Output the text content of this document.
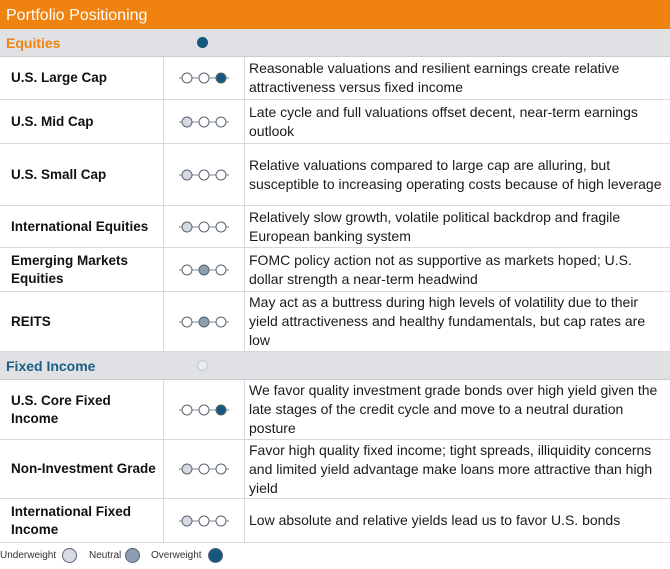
Portfolio Positioning
Equities
U.S. Large Cap
Reasonable valuations and resilient earnings create relative attractiveness versus fixed income
U.S. Mid Cap
Late cycle and full valuations offset decent, near-term earnings outlook
U.S. Small Cap
Relative valuations compared to large cap are alluring, but susceptible to increasing operating costs because of high leverage
International Equities
Relatively slow growth, volatile political backdrop and fragile European banking system
Emerging Markets Equities
FOMC policy action not as supportive as markets hoped; U.S. dollar strength a near-term headwind
REITS
May act as a buttress during high levels of volatility due to their yield attractiveness and healthy fundamentals, but cap rates are low
Fixed Income
U.S. Core Fixed Income
We favor quality investment grade bonds over high yield given the late stages of the credit cycle and move to a neutral duration posture
Non-Investment Grade
Favor high quality fixed income; tight spreads, illiquidity concerns and limited yield advantage make loans more attractive than high yield
International Fixed Income
Low absolute and relative yields lead us to favor U.S. bonds
Underweight	Neutral	Overweight
